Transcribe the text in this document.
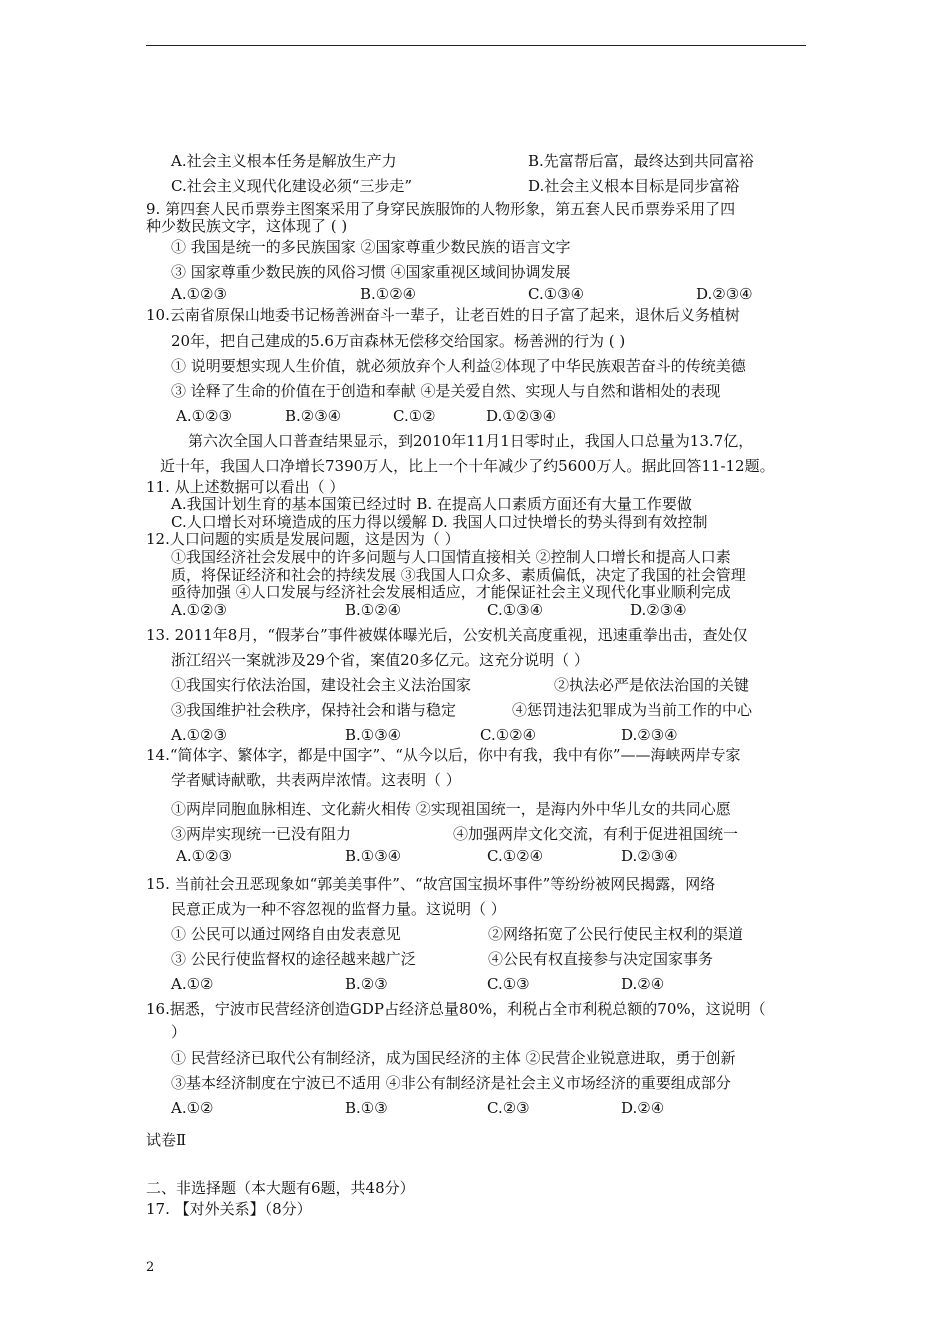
A.社会主义根本任务是解放生产力	B.先富帮后富，最终达到共同富裕
C.社会主义现代化建设必须“三步走”	D.社会主义根本目标是同步富裕
9. 第四套人民币票券主图案采用了身穿民族服饰的人物形象，第五套人民币票券采用了四
种少数民族文字，这体现了 ( )
① 我国是统一的多民族国家 ②国家尊重少数民族的语言文字
③ 国家尊重少数民族的风俗习惯 ④国家重视区域间协调发展
A.①②③	B.①②④	C.①③④	D.②③④
10.云南省原保山地委书记杨善洲奋斗一辈子，让老百姓的日子富了起来，退休后义务植树
20年，把自己建成的5.6万亩森林无偿移交给国家。杨善洲的行为 ( )
① 说明要想实现人生价值，就必须放弃个人利益②体现了中华民族艰苦奋斗的传统美德
③ 诠释了生命的价值在于创造和奉献 ④是关爱自然、实现人与自然和谐相处的表现
A.①②③	B.②③④	C.①②	D.①②③④
第六次全国人口普查结果显示，到2010年11月1日零时止，我国人口总量为13.7亿，
近十年，我国人口净增长7390万人，比上一个十年减少了约5600万人。据此回答11-12题。
11. 从上述数据可以看出（ ）
A.我国计划生育的基本国策已经过时 B. 在提高人口素质方面还有大量工作要做
C.人口增长对环境造成的压力得以缓解 D. 我国人口过快增长的势头得到有效控制
12.人口问题的实质是发展问题，这是因为（ ）
①我国经济社会发展中的许多问题与人口国情直接相关 ②控制人口增长和提高人口素
质，将保证经济和社会的持续发展 ③我国人口众多、素质偏低，决定了我国的社会管理
亟待加强 ④人口发展与经济社会发展相适应，才能保证社会主义现代化事业顺利完成
A.①②③	B.①②④	C.①③④	D.②③④
13. 2011年8月，“假茅台”事件被媒体曝光后，公安机关高度重视，迅速重拳出击，查处仅
浙江绍兴一案就涉及29个省，案值20多亿元。这充分说明（ ）
①我国实行依法治国，建设社会主义法治国家	②执法必严是依法治国的关键
③我国维护社会秩序，保持社会和谐与稳定	④惩罚违法犯罪成为当前工作的中心
A.①②③	B.①③④	C.①②④	D.②③④
14.“简体字、繁体字，都是中国字”、“从今以后，你中有我，我中有你”——海峡两岸专家
学者赋诗献歌，共表两岸浓情。这表明（ ）
①两岸同胞血脉相连、文化薪火相传 ②实现祖国统一，是海内外中华儿女的共同心愿
③两岸实现统一已没有阻力	④加强两岸文化交流，有利于促进祖国统一
A.①②③	B.①③④	C.①②④	D.②③④
15. 当前社会丑恶现象如“郭美美事件”、“故宫国宝损坏事件”等纷纷被网民揭露，网络
民意正成为一种不容忽视的监督力量。这说明（ ）
① 公民可以通过网络自由发表意见	②网络拓宽了公民行使民主权利的渠道
③ 公民行使监督权的途径越来越广泛	④公民有权直接参与决定国家事务
A.①②	B.②③	C.①③	D.②④
16.据悉，宁波市民营经济创造GDP占经济总量80%，利税占全市利税总额的70%，这说明（
）
① 民营经济已取代公有制经济，成为国民经济的主体 ②民营企业锐意进取，勇于创新
③基本经济制度在宁波已不适用 ④非公有制经济是社会主义市场经济的重要组成部分
A.①②	B.①③	C.②③	D.②④
试卷Ⅱ
二、非选择题（本大题有6题，共48分）
17. 【对外关系】（8分）
2
